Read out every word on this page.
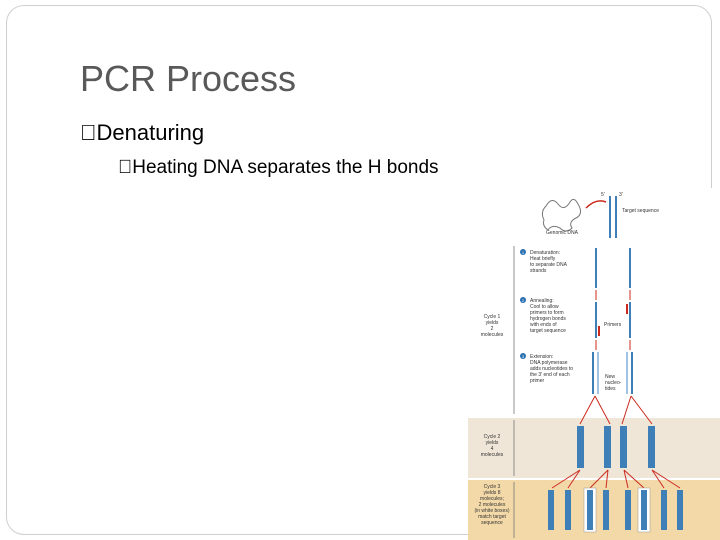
PCR Process
Denaturing
Heating DNA separates the H bonds
Genomic DNA
Target sequence
5'	3'
Cycle 1
yields
2
molecules
Cycle 2
yields
4
molecules
Cycle 3
yields 8
molecules;
2 molecules
(in white boxes)
match target
sequence
1 Denaturation:
Heat briefly
to separate DNA
strands
2 Annealing:
Cool to allow
primers to form
hydrogen bonds
with ends of
target sequence
3 Extension:
DNA polymerase
adds nucleotides to
the 3' end of each
primer
Primers
New
nucleo-
tides
